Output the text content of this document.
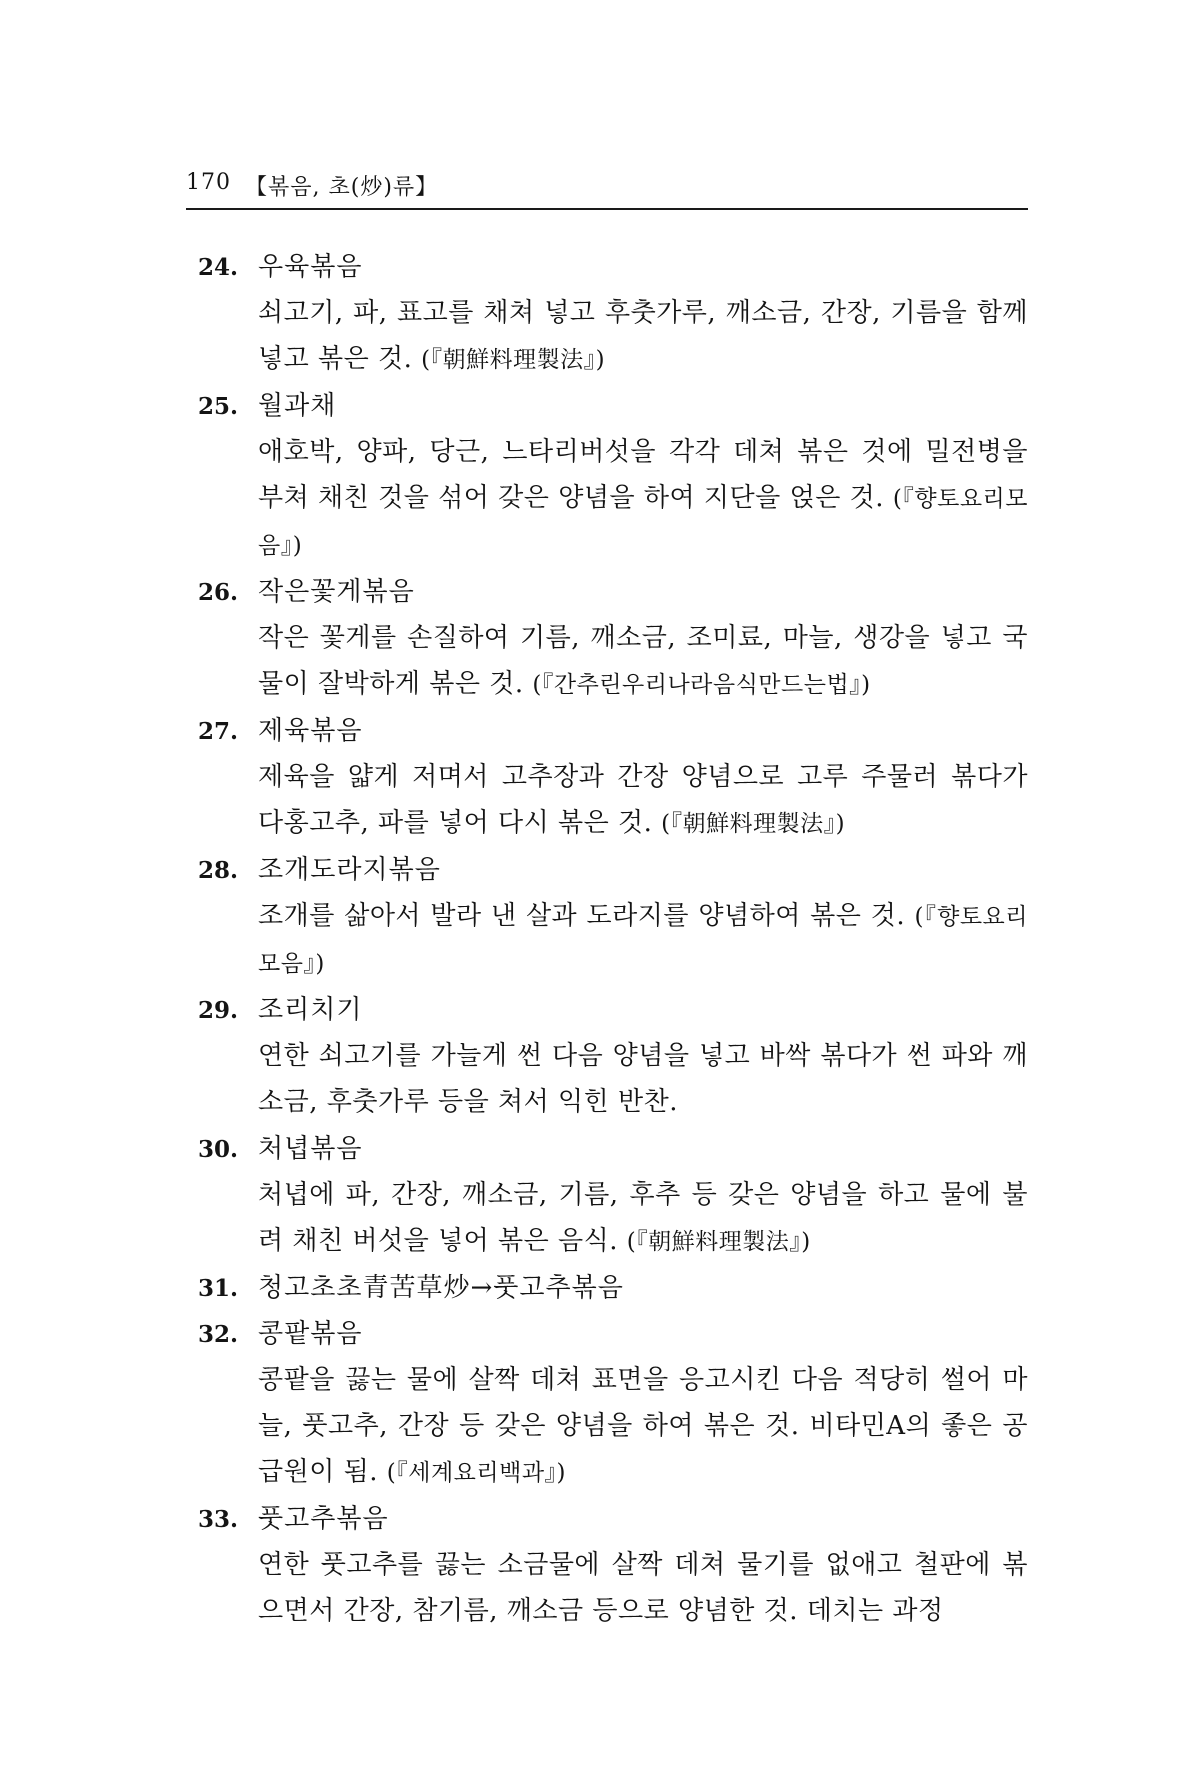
170 【볶음, 초(炒)류】
24. 우육볶음

쇠고기, 파, 표고를 채쳐 넣고 후춧가루, 깨소금, 간장, 기름을 함께 넣고 볶은 것. (『朝鮮料理製法』)

25. 월과채

애호박, 양파, 당근, 느타리버섯을 각각 데쳐 볶은 것에 밀전병을 부쳐 채친 것을 섞어 갖은 양념을 하여 지단을 얹은 것. (『향토요리모음』)

26. 작은꽃게볶음

작은 꽃게를 손질하여 기름, 깨소금, 조미료, 마늘, 생강을 넣고 국물이 잘박하게 볶은 것. (『간추린우리나라음식만드는법』)

27. 제육볶음

제육을 얇게 저며서 고추장과 간장 양념으로 고루 주물러 볶다가 다홍고추, 파를 넣어 다시 볶은 것. (『朝鮮料理製法』)

28. 조개도라지볶음

조개를 삶아서 발라 낸 살과 도라지를 양념하여 볶은 것. (『향토요리모음』)

29. 조리치기

연한 쇠고기를 가늘게 썬 다음 양념을 넣고 바싹 볶다가 썬 파와 깨소금, 후춧가루 등을 쳐서 익힌 반찬.

30. 처녑볶음

처녑에 파, 간장, 깨소금, 기름, 후추 등 갖은 양념을 하고 물에 불려 채친 버섯을 넣어 볶은 음식. (『朝鮮料理製法』)

31. 청고초초青苦草炒→풋고추볶음
32. 콩팥볶음

콩팥을 끓는 물에 살짝 데쳐 표면을 응고시킨 다음 적당히 썰어 마늘, 풋고추, 간장 등 갖은 양념을 하여 볶은 것. 비타민A의 좋은 공급원이 됨. (『세계요리백과』)

33. 풋고추볶음

연한 풋고추를 끓는 소금물에 살짝 데쳐 물기를 없애고 철판에 볶으면서 간장, 참기름, 깨소금 등으로 양념한 것. 데치는 과정
